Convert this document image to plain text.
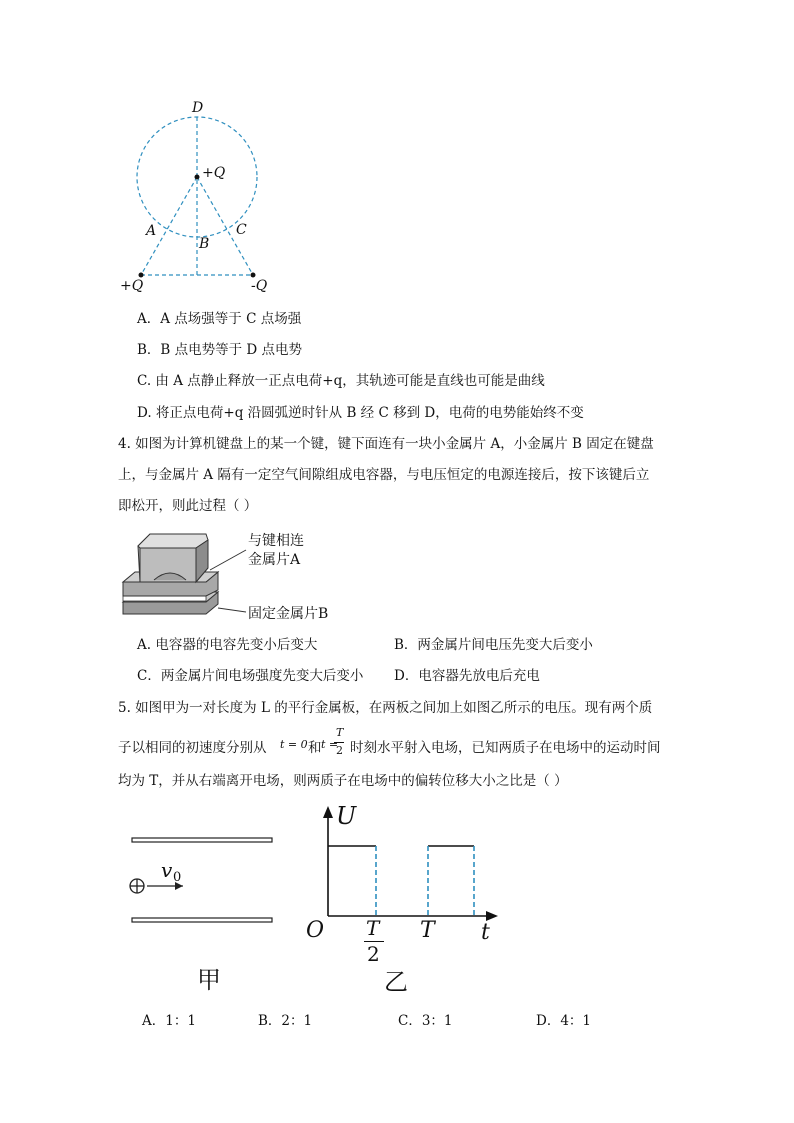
D
+Q
A
B
C
+Q	-Q
A．A 点场强等于 C 点场强
B．B 点电势等于 D 点电势
C. 由 A 点静止释放一正点电荷+q，其轨迹可能是直线也可能是曲线
D. 将正点电荷+q 沿圆弧逆时针从 B 经 C 移到 D，电荷的电势能始终不变
4. 如图为计算机键盘上的某一个键，键下面连有一块小金属片 A，小金属片 B 固定在键盘
上，与金属片 A 隔有一定空气间隙组成电容器，与电压恒定的电源连接后，按下该键后立
即松开，则此过程（ ）
与键相连
金属片A
固定金属片B
A. 电容器的电容先变小后变大	B．两金属片间电压先变大后变小
C．两金属片间电场强度先变大后变小 D．电容器先放电后充电
5. 如图甲为一对长度为 L 的平行金属板，在两板之间加上如图乙所示的电压。现有两个质
子以相同的初速度分别从 t = 0 和 t =
T
2 时刻水平射入电场，已知两质子在电场中的运动时间
均为 T，并从右端离开电场，则两质子在电场中的偏转位移大小之比是（ ）
v 0
甲
U
O T
2
T t
乙
A．1：1	B．2：1	C．3：1	D．4：1
